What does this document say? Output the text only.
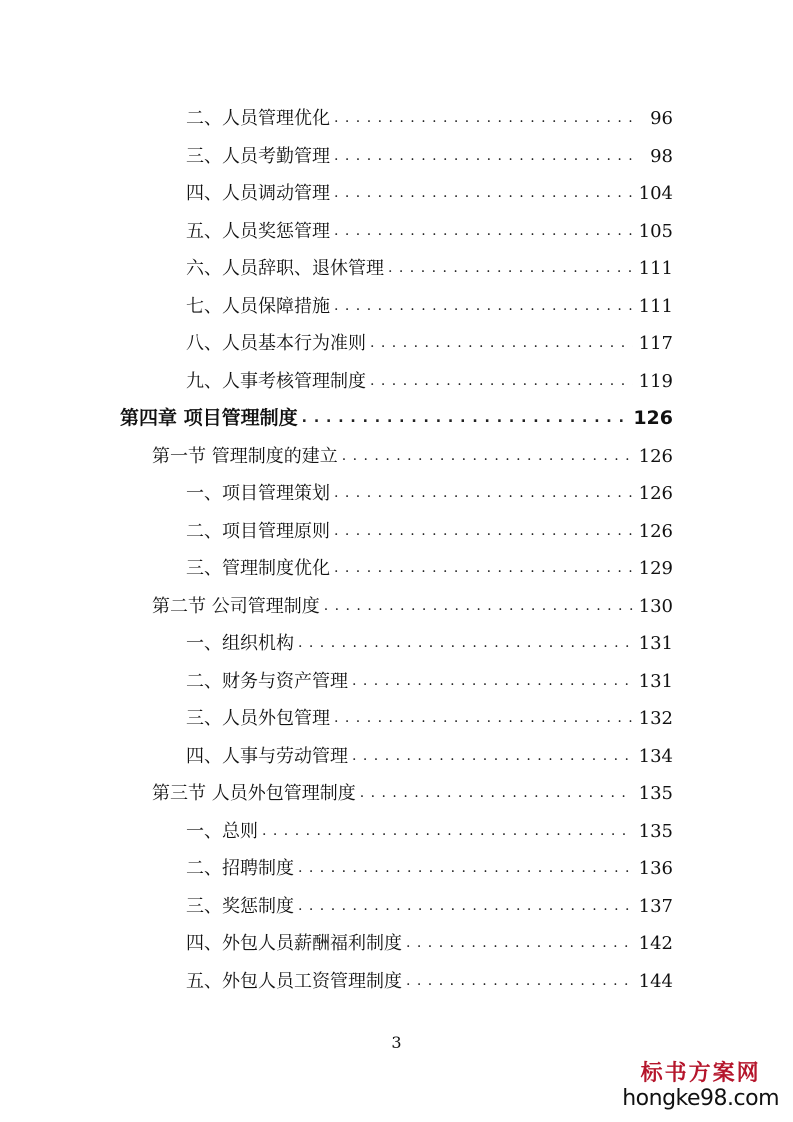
二、人员管理优化 . . .	96
三、人员考勤管理 . . .	98
四、人员调动管理 . . .	104
五、人员奖惩管理 . . .	105
六、人员辞职、退休管理 . . .	111
七、人员保障措施 . . .	111
八、人员基本行为准则 . . .	117
九、人事考核管理制度 . . .	119
第四章 项目管理制度 . . .	126
第一节 管理制度的建立 . . .	126
一、项目管理策划 . . .	126
二、项目管理原则 . . .	126
三、管理制度优化 . . .	129
第二节 公司管理制度 . . .	130
一、组织机构 . . .	131
二、财务与资产管理 . . .	131
三、人员外包管理 . . .	132
四、人事与劳动管理 . . .	134
第三节 人员外包管理制度 . . .	135
一、总则 . . .	135
二、招聘制度 . . .	136
三、奖惩制度 . . .	137
四、外包人员薪酬福利制度 . . .	142
五、外包人员工资管理制度 . . .	144
3
标书方案网
hongke98.com
